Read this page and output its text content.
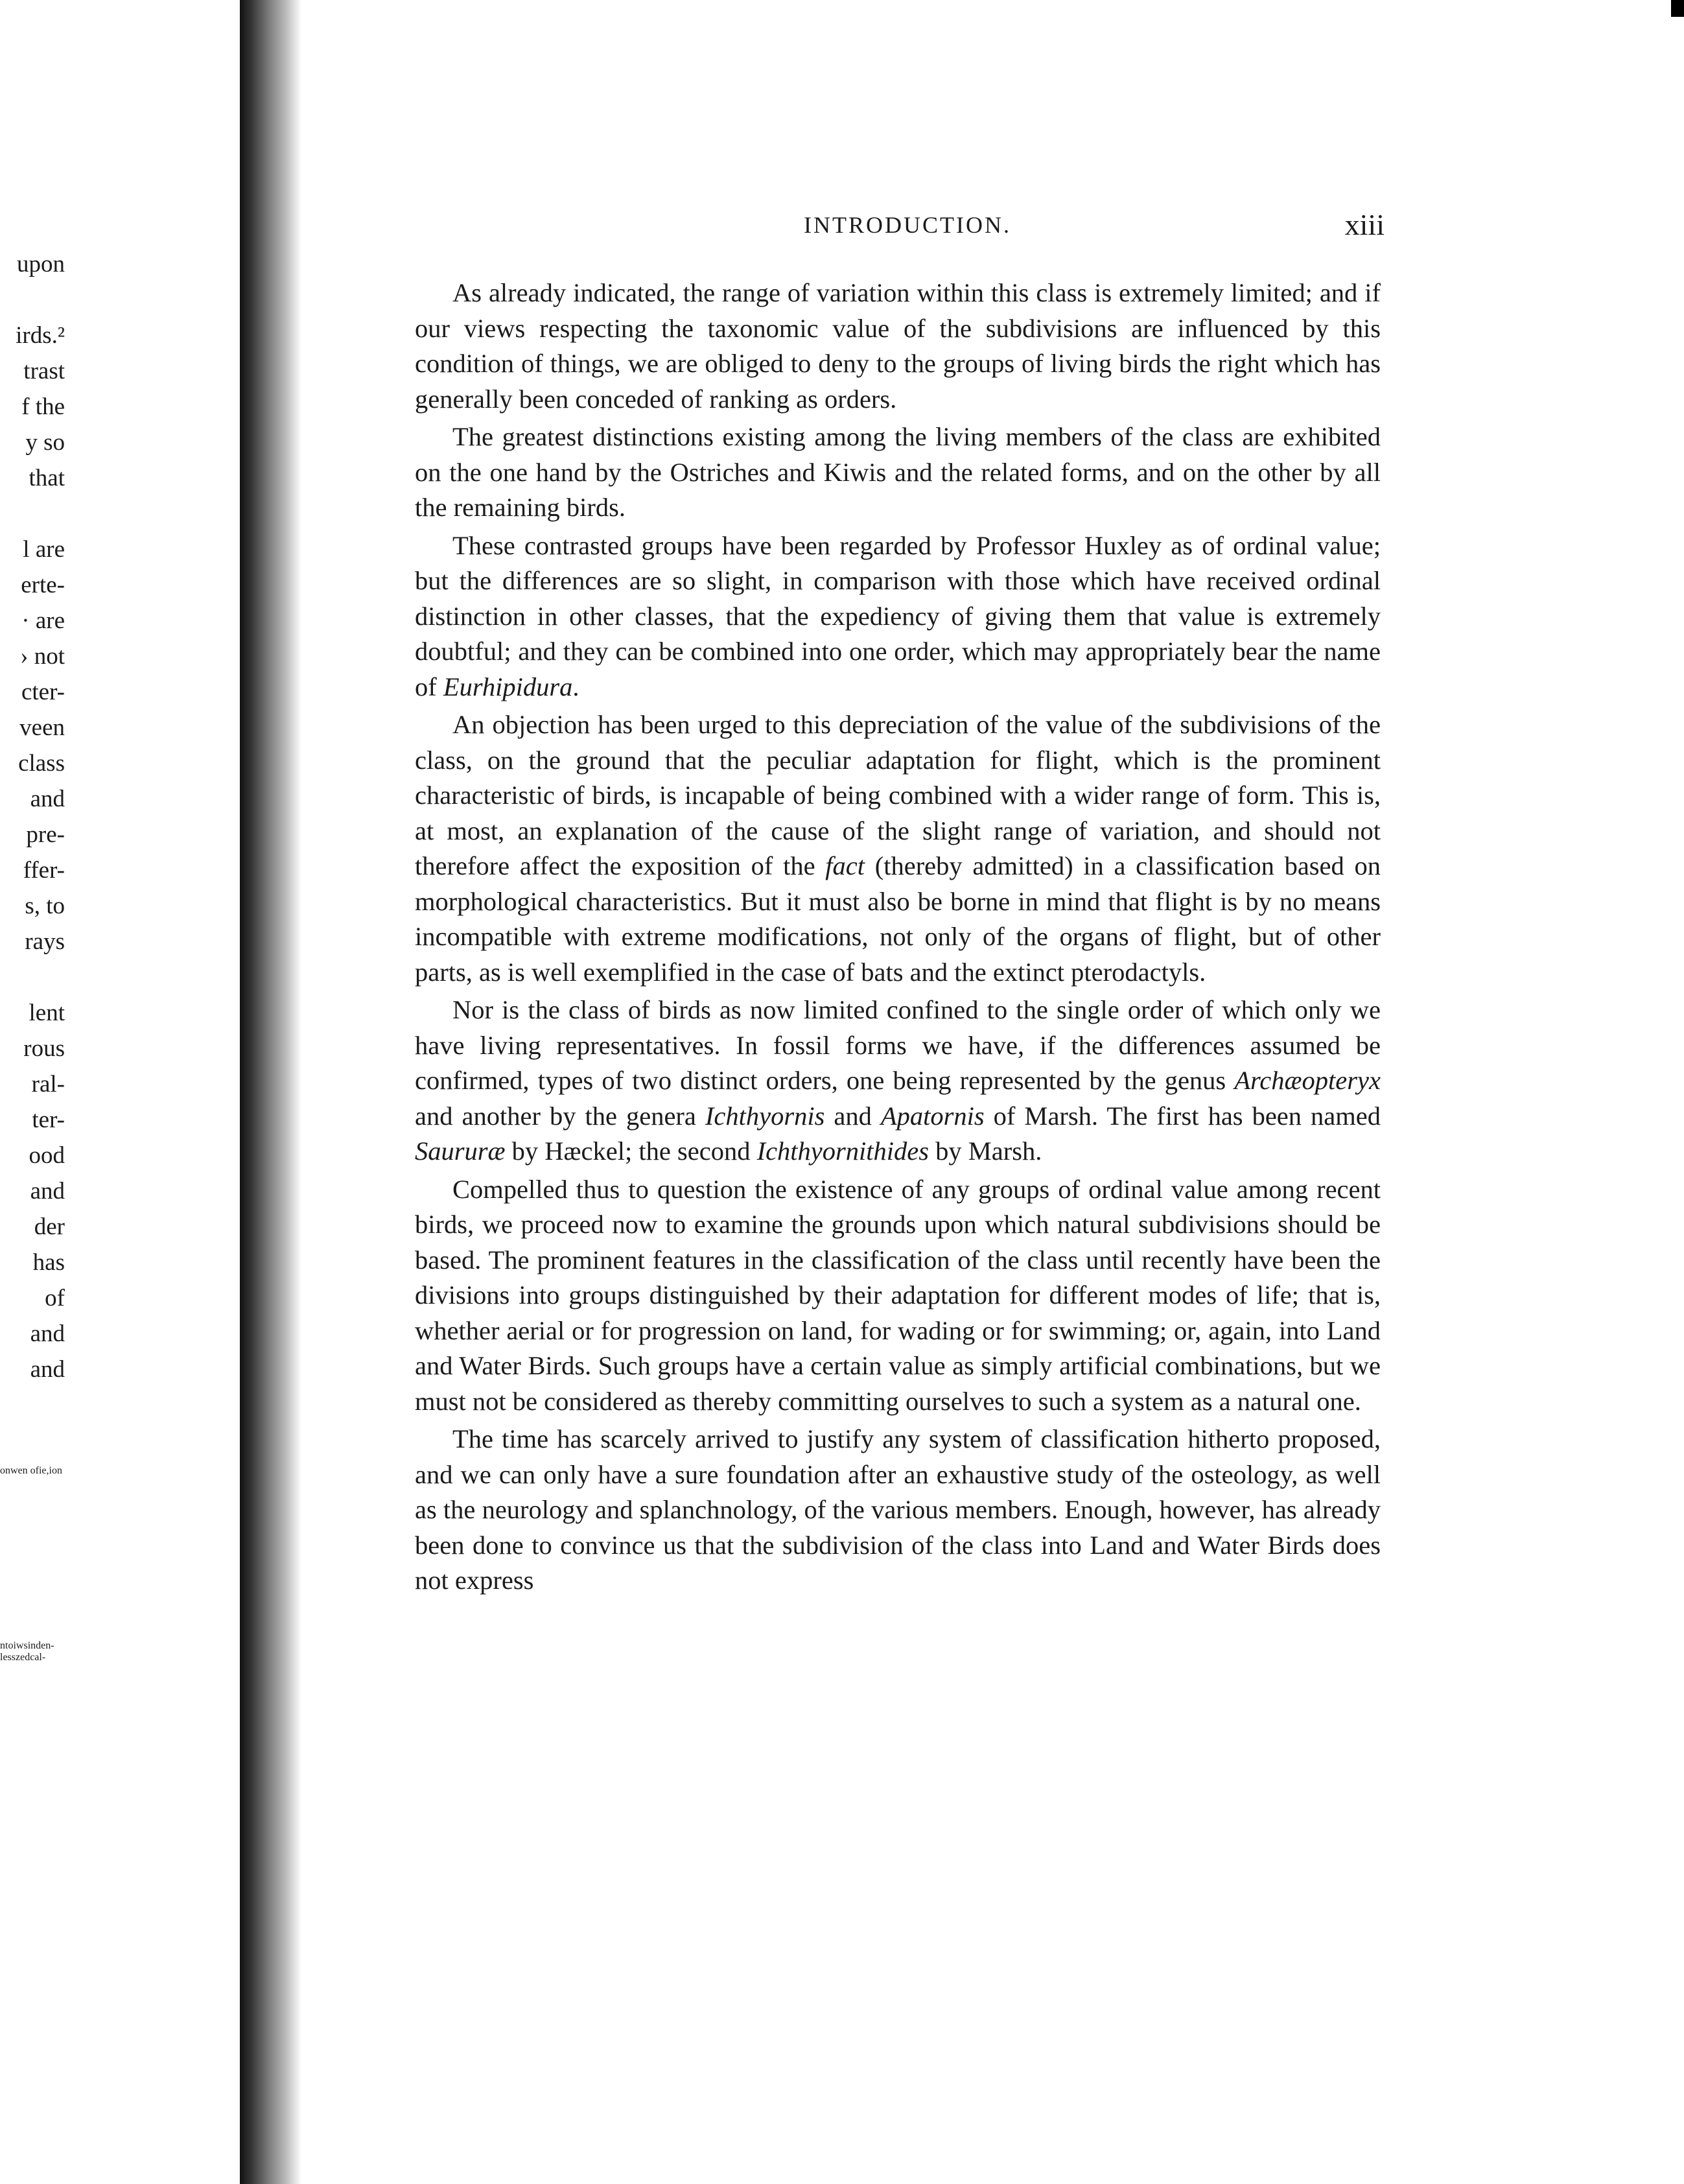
upon

irds.²
trast
f the
y so
that

l are
erte-
· are
› not
cter-
veen
class
and
pre-
ffer-
s, to
rays

lent
rous
ral-
ter-
ood
and
der
has
of
and
and
onwen ofie,ion
ntoiwsinden-lesszedcal-
INTRODUCTION.	xiii

As already indicated, the range of variation within this class is extremely limited; and if our views respecting the taxonomic value of the subdivisions are influenced by this condition of things, we are obliged to deny to the groups of living birds the right which has generally been conceded of ranking as orders.

The greatest distinctions existing among the living members of the class are exhibited on the one hand by the Ostriches and Kiwis and the related forms, and on the other by all the remaining birds.

These contrasted groups have been regarded by Professor Huxley as of ordinal value; but the differences are so slight, in comparison with those which have received ordinal distinction in other classes, that the expediency of giving them that value is extremely doubtful; and they can be combined into one order, which may appropriately bear the name of Eurhipidura.

An objection has been urged to this depreciation of the value of the subdivisions of the class, on the ground that the peculiar adaptation for flight, which is the prominent characteristic of birds, is incapable of being combined with a wider range of form. This is, at most, an explanation of the cause of the slight range of variation, and should not therefore affect the exposition of the fact (thereby admitted) in a classification based on morphological characteristics. But it must also be borne in mind that flight is by no means incompatible with extreme modifications, not only of the organs of flight, but of other parts, as is well exemplified in the case of bats and the extinct pterodactyls.

Nor is the class of birds as now limited confined to the single order of which only we have living representatives. In fossil forms we have, if the differences assumed be confirmed, types of two distinct orders, one being represented by the genus Archæopteryx and another by the genera Ichthyornis and Apatornis of Marsh. The first has been named Saururæ by Hæckel; the second Ichthyornithides by Marsh.

Compelled thus to question the existence of any groups of ordinal value among recent birds, we proceed now to examine the grounds upon which natural subdivisions should be based. The prominent features in the classification of the class until recently have been the divisions into groups distinguished by their adaptation for different modes of life; that is, whether aerial or for progression on land, for wading or for swimming; or, again, into Land and Water Birds. Such groups have a certain value as simply artificial combinations, but we must not be considered as thereby committing ourselves to such a system as a natural one.

The time has scarcely arrived to justify any system of classification hitherto proposed, and we can only have a sure foundation after an exhaustive study of the osteology, as well as the neurology and splanchnology, of the various members. Enough, however, has already been done to convince us that the subdivision of the class into Land and Water Birds does not express
